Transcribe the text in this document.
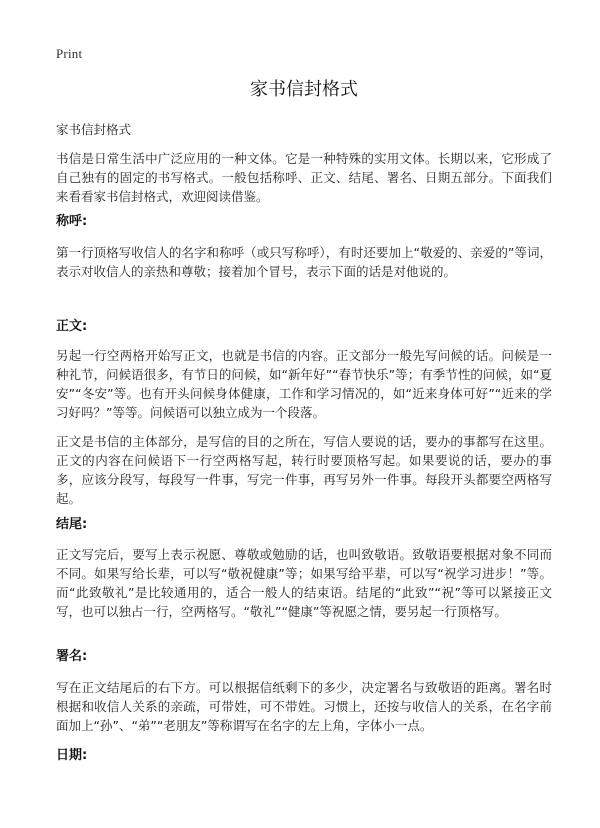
Print
家书信封格式
家书信封格式

书信是日常生活中广泛应用的一种文体。它是一种特殊的实用文体。长期以来，它形成了自己独有的固定的书写格式。一般包括称呼、正文、结尾、署名、日期五部分。下面我们来看看家书信封格式，欢迎阅读借鉴。

称呼:

第一行顶格写收信人的名字和称呼（或只写称呼），有时还要加上“敬爱的、亲爱的”等词，表示对收信人的亲热和尊敬；接着加个冒号，表示下面的话是对他说的。

正文:

另起一行空两格开始写正文，也就是书信的内容。正文部分一般先写问候的话。问候是一种礼节，问候语很多，有节日的问候，如“新年好”“春节快乐”等；有季节性的问候，如“夏安”“冬安”等。也有开头问候身体健康，工作和学习情况的，如“近来身体可好”“近来的学习好吗？”等等。问候语可以独立成为一个段落。

正文是书信的主体部分，是写信的目的之所在，写信人要说的话，要办的事都写在这里。正文的内容在问候语下一行空两格写起，转行时要顶格写起。如果要说的话，要办的事多，应该分段写，每段写一件事，写完一件事，再写另外一件事。每段开头都要空两格写起。

结尾:

正文写完后，要写上表示祝愿、尊敬或勉励的话，也叫致敬语。致敬语要根据对象不同而不同。如果写给长辈，可以写“敬祝健康”等；如果写给平辈，可以写“祝学习进步！”等。而“此致敬礼”是比较通用的，适合一般人的结束语。结尾的“此致”“祝”等可以紧接正文写，也可以独占一行，空两格写。“敬礼”“健康”等祝愿之情，要另起一行顶格写。

署名:

写在正文结尾后的右下方。可以根据信纸剩下的多少，决定署名与致敬语的距离。署名时根据和收信人关系的亲疏，可带姓，可不带姓。习惯上，还按与收信人的关系，在名字前面加上“孙”、“弟”“老朋友”等称谓写在名字的左上角，字体小一点。

日期:
